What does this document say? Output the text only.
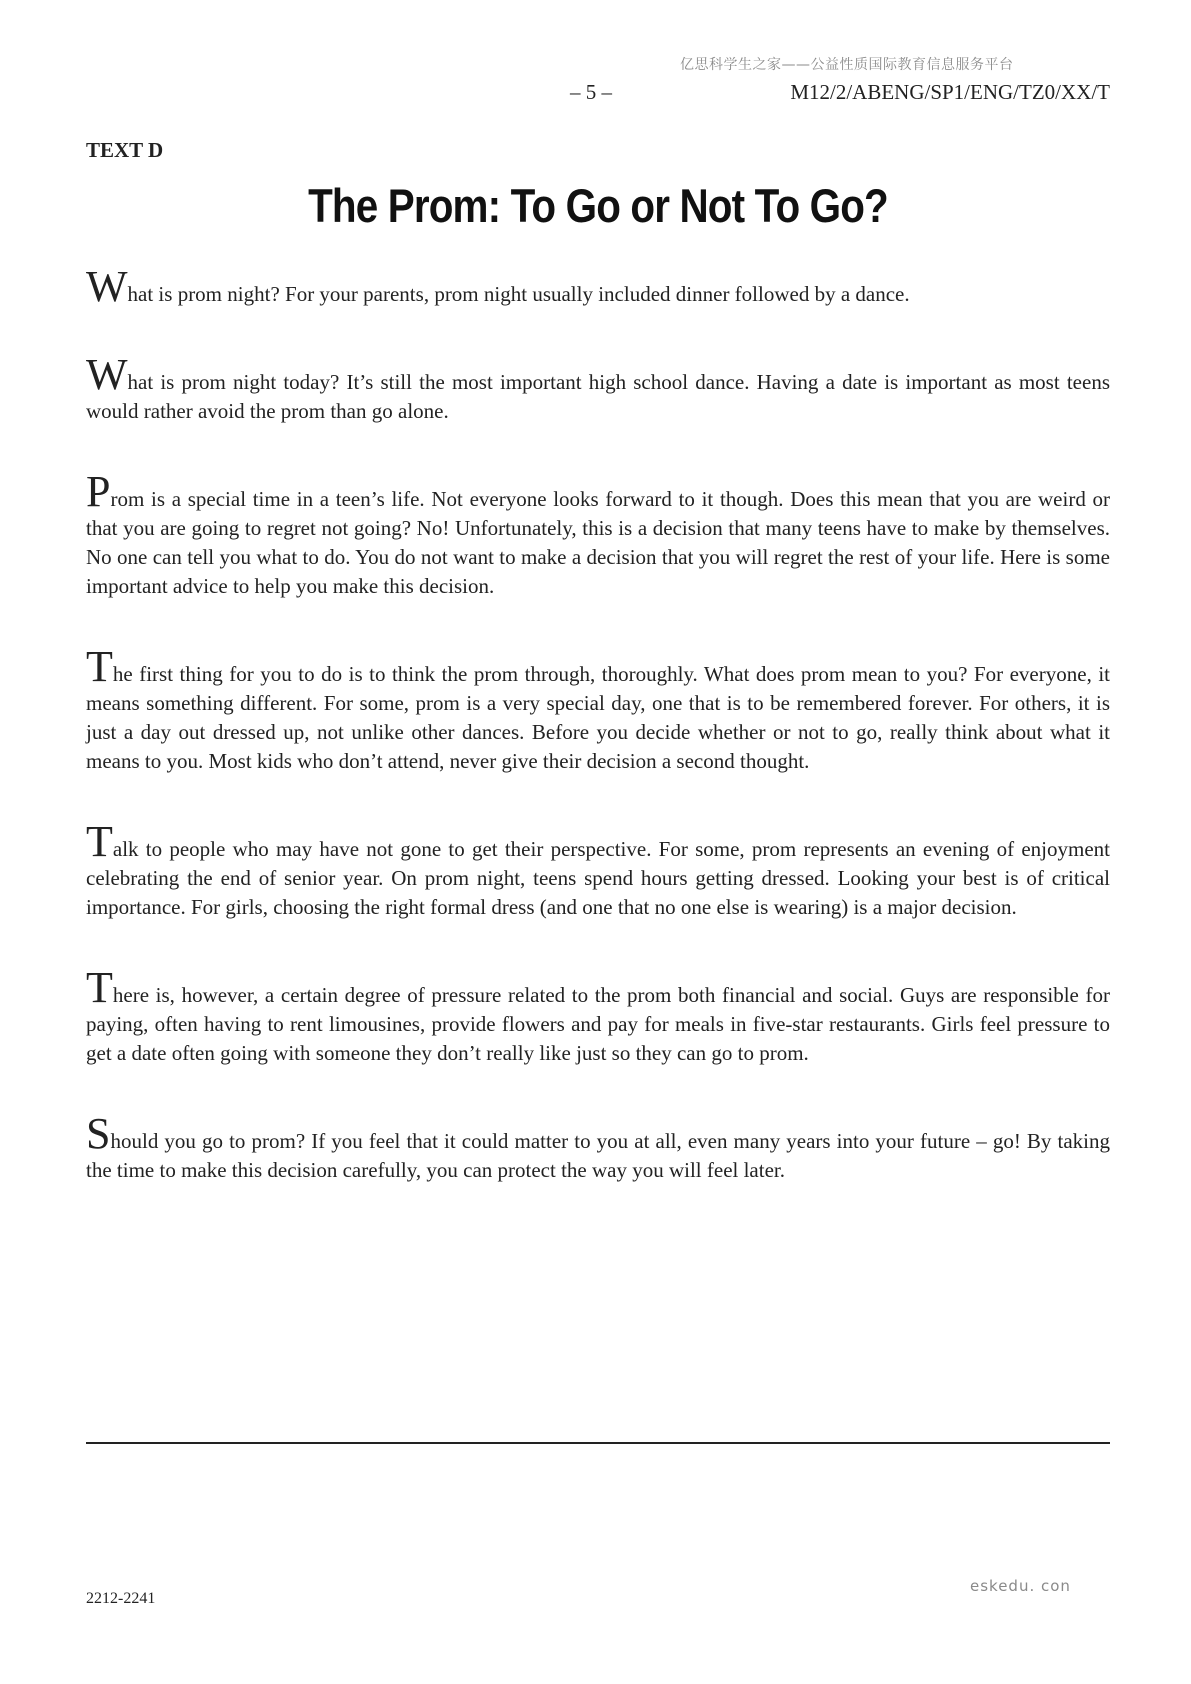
亿思科学生之家——公益性质国际教育信息服务平台
– 5 –	M12/2/ABENG/SP1/ENG/TZ0/XX/T
TEXT D
The Prom: To Go or Not To Go?

What is prom night? For your parents, prom night usually included dinner followed by a dance.

What is prom night today? It’s still the most important high school dance. Having a date is important as most teens would rather avoid the prom than go alone.

Prom is a special time in a teen’s life. Not everyone looks forward to it though. Does this mean that you are weird or that you are going to regret not going? No! Unfortunately, this is a decision that many teens have to make by themselves. No one can tell you what to do. You do not want to make a decision that you will regret the rest of your life. Here is some important advice to help you make this decision.

The first thing for you to do is to think the prom through, thoroughly. What does prom mean to you? For everyone, it means something different. For some, prom is a very special day, one that is to be remembered forever. For others, it is just a day out dressed up, not unlike other dances. Before you decide whether or not to go, really think about what it means to you. Most kids who don’t attend, never give their decision a second thought.

Talk to people who may have not gone to get their perspective. For some, prom represents an evening of enjoyment celebrating the end of senior year. On prom night, teens spend hours getting dressed. Looking your best is of critical importance. For girls, choosing the right formal dress (and one that no one else is wearing) is a major decision.

There is, however, a certain degree of pressure related to the prom both financial and social. Guys are responsible for paying, often having to rent limousines, provide flowers and pay for meals in five-star restaurants. Girls feel pressure to get a date often going with someone they don’t really like just so they can go to prom.

Should you go to prom? If you feel that it could matter to you at all, even many years into your future – go! By taking the time to make this decision carefully, you can protect the way you will feel later.

2212-2241
eskedu. con
